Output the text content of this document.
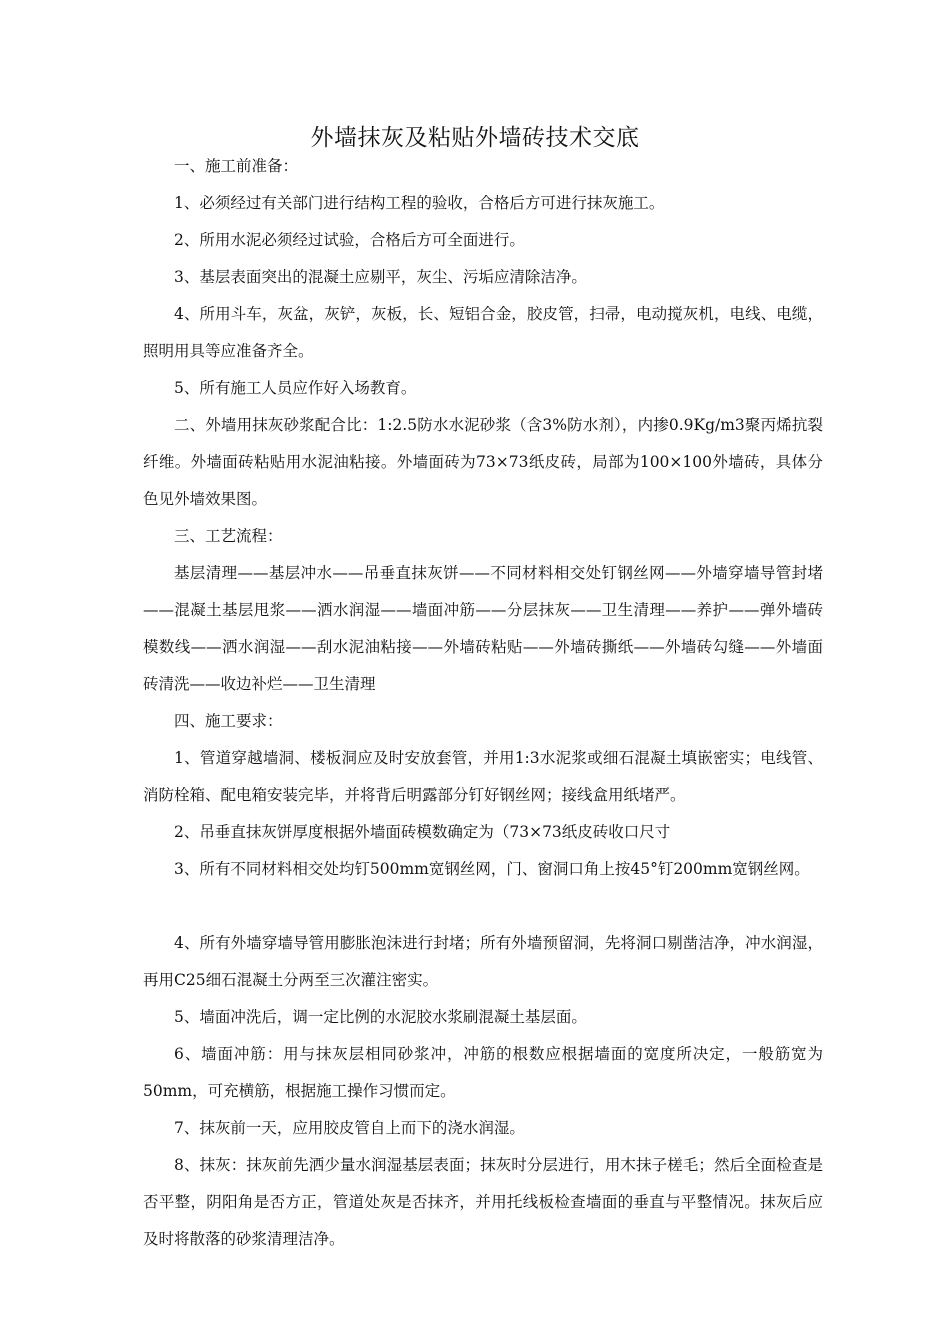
外墙抹灰及粘贴外墙砖技术交底

一、施工前准备：

1、必须经过有关部门进行结构工程的验收，合格后方可进行抹灰施工。

2、所用水泥必须经过试验，合格后方可全面进行。

3、基层表面突出的混凝土应剔平，灰尘、污垢应清除洁净。

4、所用斗车，灰盆，灰铲，灰板，长、短铝合金，胶皮管，扫帚，电动搅灰机，电线、电缆，照明用具等应准备齐全。

5、所有施工人员应作好入场教育。

二、外墙用抹灰砂浆配合比：1:2.5防水水泥砂浆（含3%防水剂），内掺0.9Kg/m3聚丙烯抗裂纤维。外墙面砖粘贴用水泥油粘接。外墙面砖为73×73纸皮砖，局部为100×100外墙砖，具体分色见外墙效果图。

三、工艺流程：

基层清理——基层冲水——吊垂直抹灰饼——不同材料相交处钉钢丝网——外墙穿墙导管封堵——混凝土基层甩浆——洒水润湿——墙面冲筋——分层抹灰——卫生清理——养护——弹外墙砖模数线——洒水润湿——刮水泥油粘接——外墙砖粘贴——外墙砖撕纸——外墙砖勾缝——外墙面砖清洗——收边补烂——卫生清理

四、施工要求：

1、管道穿越墙洞、楼板洞应及时安放套管，并用1:3水泥浆或细石混凝土填嵌密实；电线管、消防栓箱、配电箱安装完毕，并将背后明露部分钉好钢丝网；接线盒用纸堵严。

2、吊垂直抹灰饼厚度根据外墙面砖模数确定为（73×73纸皮砖收口尺寸

3、所有不同材料相交处均钉500mm宽钢丝网，门、窗洞口角上按45°钉200mm宽钢丝网。

4、所有外墙穿墙导管用膨胀泡沫进行封堵；所有外墙预留洞，先将洞口剔凿洁净，冲水润湿，再用C25细石混凝土分两至三次灌注密实。

5、墙面冲洗后，调一定比例的水泥胶水浆刷混凝土基层面。

6、墙面冲筋：用与抹灰层相同砂浆冲，冲筋的根数应根据墙面的宽度所决定，一般筋宽为50mm，可充横筋，根据施工操作习惯而定。

7、抹灰前一天，应用胶皮管自上而下的浇水润湿。

8、抹灰：抹灰前先洒少量水润湿基层表面；抹灰时分层进行，用木抹子槎毛；然后全面检查是否平整，阴阳角是否方正，管道处灰是否抹齐，并用托线板检查墙面的垂直与平整情况。抹灰后应及时将散落的砂浆清理洁净。
